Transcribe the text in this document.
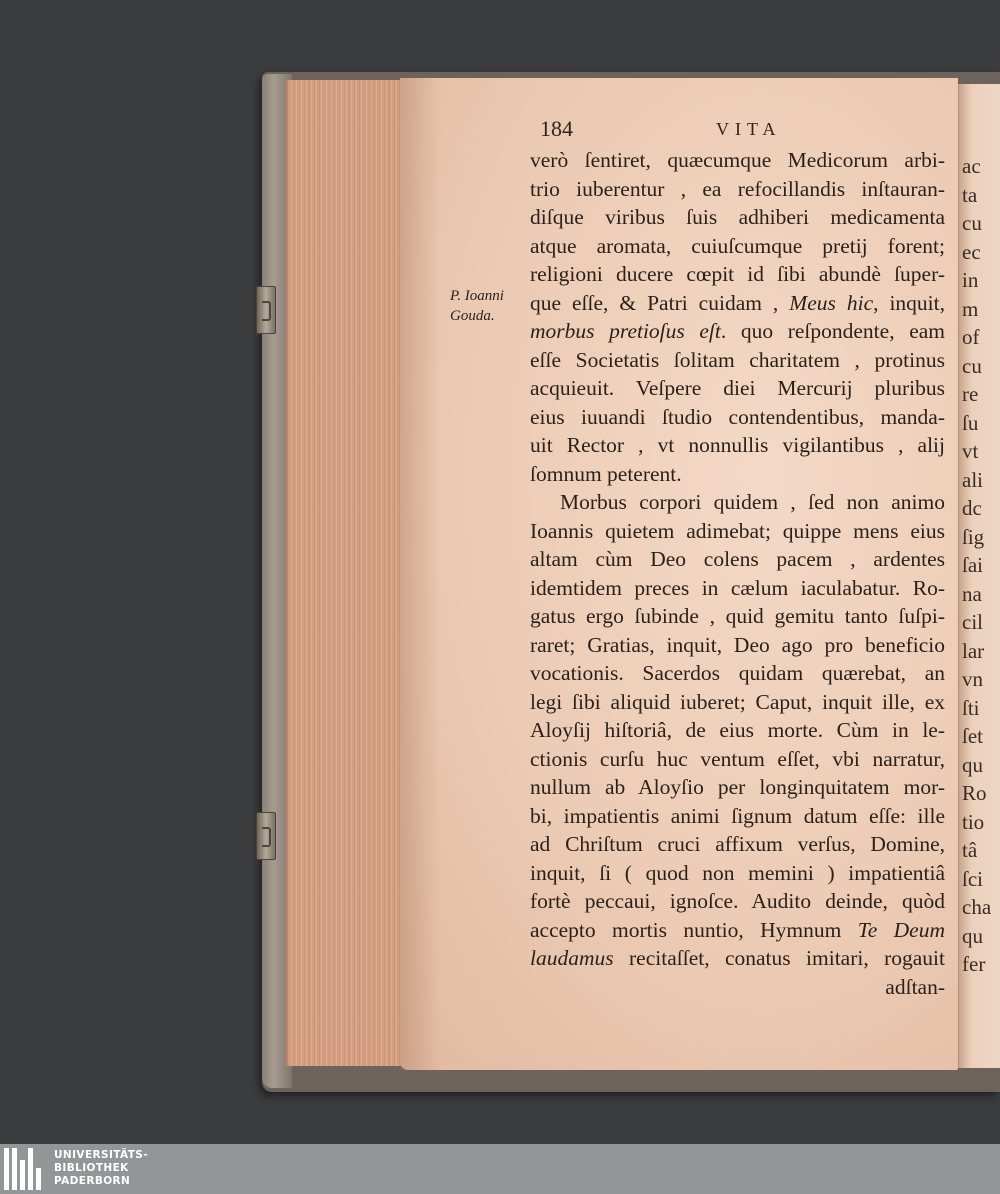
ac
ta
cu
ec
in
m
of
cu
re
ſu
vt
ali
dc
ſig
ſai
na
cil
lar
vn
ſti
ſet
qu
Ro
tio
tâ
ſci
cha
qu
fer
184	VITA
P. Ioanni
Gouda.
verò ſentiret, quæcumque Medicorum arbi-
trio iuberentur , ea refocillandis inſtauran-
diſque viribus ſuis adhiberi medicamenta
atque aromata, cuiuſcumque pretij forent;
religioni ducere cœpit id ſibi abundè ſuper-
que eſſe, & Patri cuidam , Meus hic, inquit,
morbus pretioſus eſt. quo reſpondente, eam
eſſe Societatis ſolitam charitatem , protinus
acquieuit. Veſpere diei Mercurij pluribus
eius iuuandi ſtudio contendentibus, manda-
uit Rector , vt nonnullis vigilantibus , alij
ſomnum peterent.
Morbus corpori quidem , ſed non animo
Ioannis quietem adimebat; quippe mens eius
altam cùm Deo colens pacem , ardentes
idemtidem preces in cælum iaculabatur. Ro-
gatus ergo ſubinde , quid gemitu tanto ſuſpi-
raret; Gratias, inquit, Deo ago pro beneficio
vocationis. Sacerdos quidam quærebat, an
legi ſibi aliquid iuberet; Caput, inquit ille, ex
Aloyſij hiſtoriâ, de eius morte. Cùm in le-
ctionis curſu huc ventum eſſet, vbi narratur,
nullum ab Aloyſio per longinquitatem mor-
bi, impatientis animi ſignum datum eſſe: ille
ad Chriſtum cruci affixum verſus, Domine,
inquit, ſi ( quod non memini ) impatientiâ
fortè peccaui, ignoſce. Audito deinde, quòd
accepto mortis nuntio, Hymnum Te Deum
laudamus recitaſſet, conatus imitari, rogauit
adſtan-
UNIVERSITÄTS-
BIBLIOTHEK
PADERBORN
